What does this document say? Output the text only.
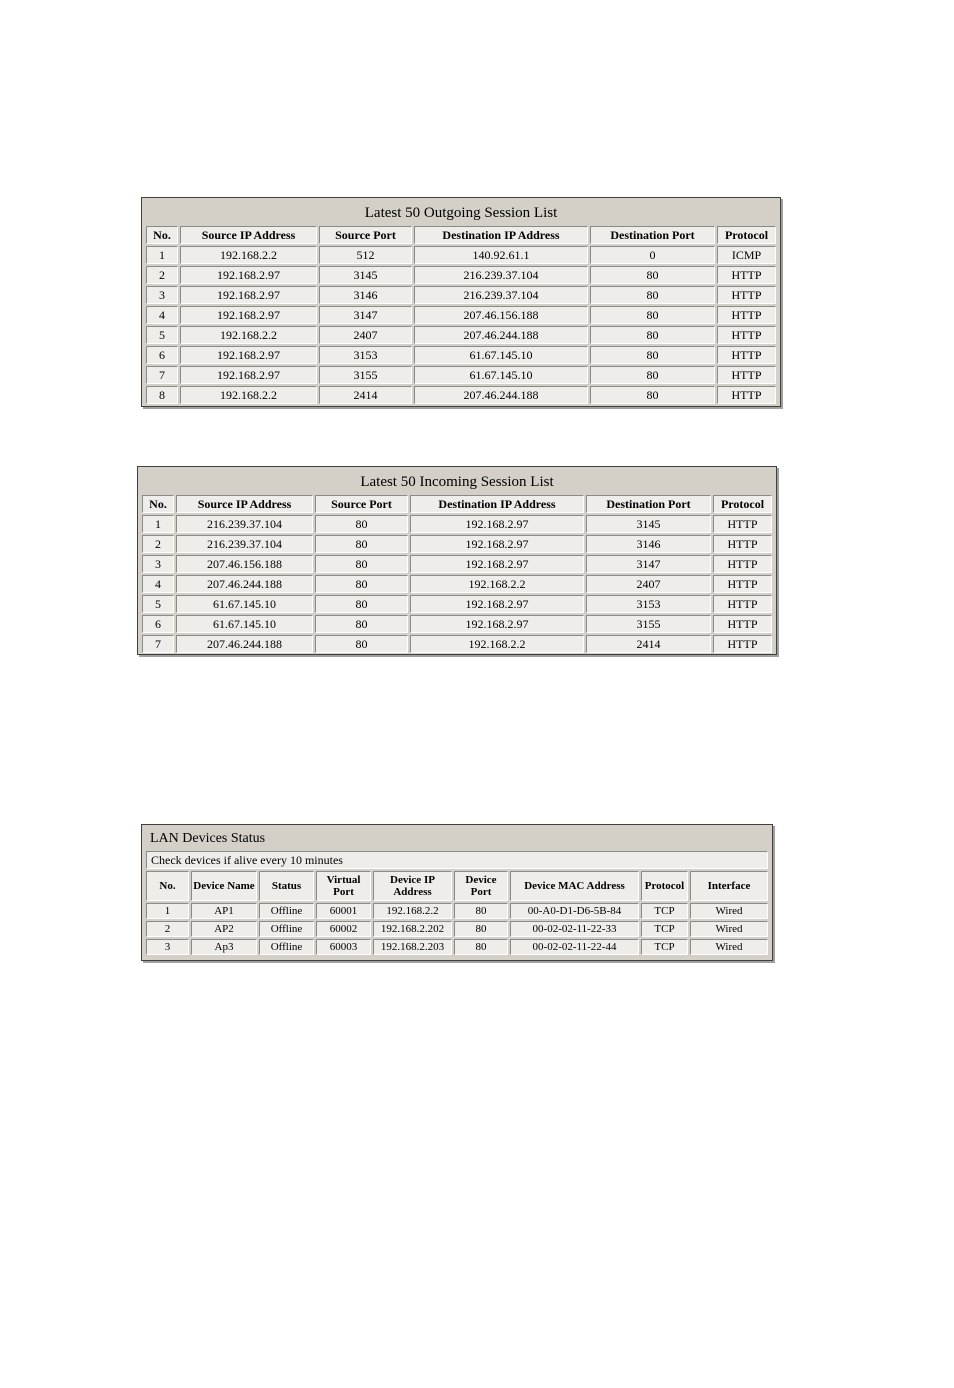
Latest 50 Outgoing Session List					
No.	Source IP Address	Source Port	Destination IP Address	Destination Port	Protocol
1	192.168.2.2	512	140.92.61.1	0	ICMP
2	192.168.2.97	3145	216.239.37.104	80	HTTP
3	192.168.2.97	3146	216.239.37.104	80	HTTP
4	192.168.2.97	3147	207.46.156.188	80	HTTP
5	192.168.2.2	2407	207.46.244.188	80	HTTP
6	192.168.2.97	3153	61.67.145.10	80	HTTP
7	192.168.2.97	3155	61.67.145.10	80	HTTP
8	192.168.2.2	2414	207.46.244.188	80	HTTP
Latest 50 Incoming Session List					
No.	Source IP Address	Source Port	Destination IP Address	Destination Port	Protocol
1	216.239.37.104	80	192.168.2.97	3145	HTTP
2	216.239.37.104	80	192.168.2.97	3146	HTTP
3	207.46.156.188	80	192.168.2.97	3147	HTTP
4	207.46.244.188	80	192.168.2.2	2407	HTTP
5	61.67.145.10	80	192.168.2.97	3153	HTTP
6	61.67.145.10	80	192.168.2.97	3155	HTTP
7	207.46.244.188	80	192.168.2.2	2414	HTTP
LAN Devices Status								
Check devices if alive every 10 minutes								
No.	Device Name	Status	Virtual Port	Device IP Address	Device Port	Device MAC Address	Protocol	Interface
1	AP1	Offline	60001	192.168.2.2	80	00-A0-D1-D6-5B-84	TCP	Wired
2	AP2	Offline	60002	192.168.2.202	80	00-02-02-11-22-33	TCP	Wired
3	Ap3	Offline	60003	192.168.2.203	80	00-02-02-11-22-44	TCP	Wired
